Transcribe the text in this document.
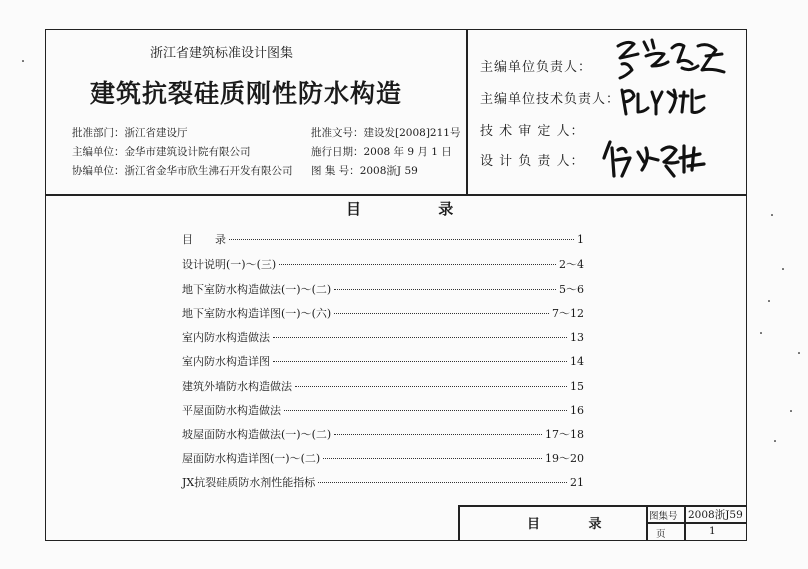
浙江省建筑标准设计图集
建筑抗裂硅质刚性防水构造
批准部门：浙江省建设厅
主编单位：金华市建筑设计院有限公司
协编单位：浙江省金华市欣生沸石开发有限公司
批准文号：建设发[2008]211号
施行日期：2008 年 9 月 1 日
图 集 号：2008浙J 59
主编单位负责人：
主编单位技术负责人：
技 术 审 定 人：
设 计 负 责 人：
目 录
目　　录	1
设计说明(一)～(三)	2～4
地下室防水构造做法(一)～(二)	5～6
地下室防水构造详图(一)～(六)	7～12
室内防水构造做法	13
室内防水构造详图	14
建筑外墙防水构造做法	15
平屋面防水构造做法	16
坡屋面防水构造做法(一)～(二)	17～18
屋面防水构造详图(一)～(二)	19～20
JX抗裂硅质防水剂性能指标	21
目 录
图集号 2008浙J59
页	1
